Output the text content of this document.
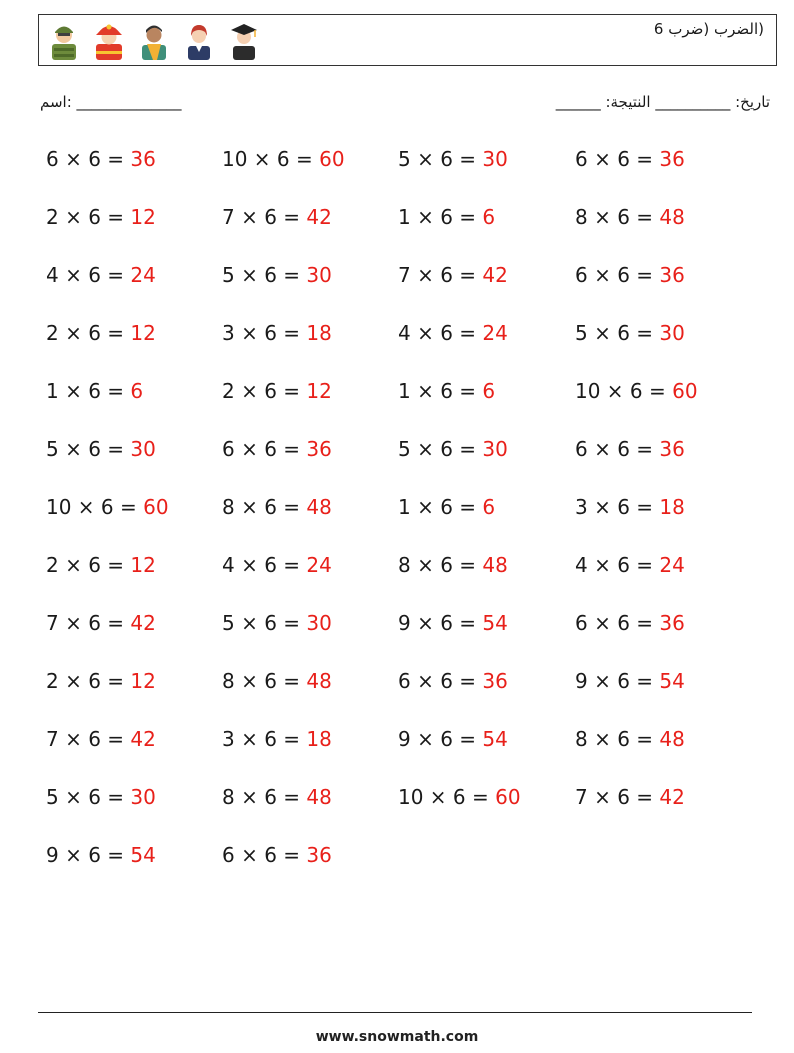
(الضرب (ضرب 6
اسم: ______________	______ :تاريخ: __________ النتيجة
6 × 6 = 36	10 × 6 = 60	5 × 6 = 30	6 × 6 = 36
2 × 6 = 12	7 × 6 = 42	1 × 6 = 6	8 × 6 = 48
4 × 6 = 24	5 × 6 = 30	7 × 6 = 42	6 × 6 = 36
2 × 6 = 12	3 × 6 = 18	4 × 6 = 24	5 × 6 = 30
1 × 6 = 6	2 × 6 = 12	1 × 6 = 6	10 × 6 = 60
5 × 6 = 30	6 × 6 = 36	5 × 6 = 30	6 × 6 = 36
10 × 6 = 60	8 × 6 = 48	1 × 6 = 6	3 × 6 = 18
2 × 6 = 12	4 × 6 = 24	8 × 6 = 48	4 × 6 = 24
7 × 6 = 42	5 × 6 = 30	9 × 6 = 54	6 × 6 = 36
2 × 6 = 12	8 × 6 = 48	6 × 6 = 36	9 × 6 = 54
7 × 6 = 42	3 × 6 = 18	9 × 6 = 54	8 × 6 = 48
5 × 6 = 30	8 × 6 = 48	10 × 6 = 60	7 × 6 = 42
9 × 6 = 54	6 × 6 = 36
www.snowmath.com
